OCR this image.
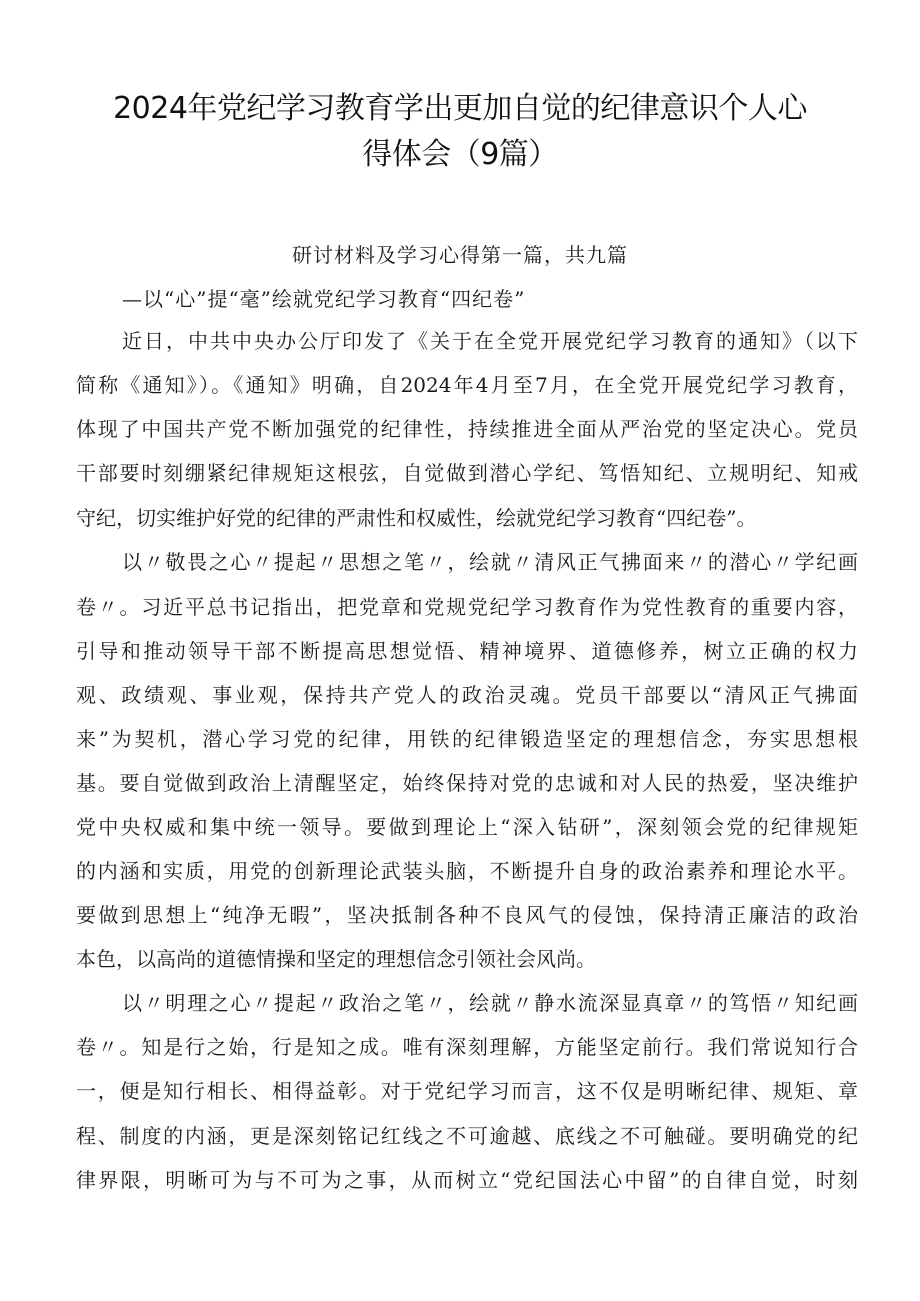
2024年党纪学习教育学出更加自觉的纪律意识个人心
得体会（9篇）
研讨材料及学习心得第一篇，共九篇
—以“心”提“毫”绘就党纪学习教育“四纪卷”
近日，中共中央办公厅印发了《关于在全党开展党纪学习教育的通知》（以下
简称《通知》）。《通知》明确，自2024年4月至7月，在全党开展党纪学习教育，
体现了中国共产党不断加强党的纪律性，持续推进全面从严治党的坚定决心。党员
干部要时刻绷紧纪律规矩这根弦，自觉做到潜心学纪、笃悟知纪、立规明纪、知戒
守纪，切实维护好党的纪律的严肃性和权威性，绘就党纪学习教育“四纪卷”。
以〃敬畏之心〃提起〃思想之笔〃，绘就〃清风正气拂面来〃的潜心〃学纪画
卷〃。习近平总书记指出，把党章和党规党纪学习教育作为党性教育的重要内容，
引导和推动领导干部不断提高思想觉悟、精神境界、道德修养，树立正确的权力
观、政绩观、事业观，保持共产党人的政治灵魂。党员干部要以“清风正气拂面
来”为契机，潜心学习党的纪律，用铁的纪律锻造坚定的理想信念，夯实思想根
基。要自觉做到政治上清醒坚定，始终保持对党的忠诚和对人民的热爱，坚决维护
党中央权威和集中统一领导。要做到理论上“深入钻研”，深刻领会党的纪律规矩
的内涵和实质，用党的创新理论武装头脑，不断提升自身的政治素养和理论水平。
要做到思想上“纯净无暇”，坚决抵制各种不良风气的侵蚀，保持清正廉洁的政治
本色，以高尚的道德情操和坚定的理想信念引领社会风尚。
以〃明理之心〃提起〃政治之笔〃，绘就〃静水流深显真章〃的笃悟〃知纪画
卷〃。知是行之始，行是知之成。唯有深刻理解，方能坚定前行。我们常说知行合
一，便是知行相长、相得益彰。对于党纪学习而言，这不仅是明晰纪律、规矩、章
程、制度的内涵，更是深刻铭记红线之不可逾越、底线之不可触碰。要明确党的纪
律界限，明晰可为与不可为之事，从而树立“党纪国法心中留”的自律自觉，时刻
